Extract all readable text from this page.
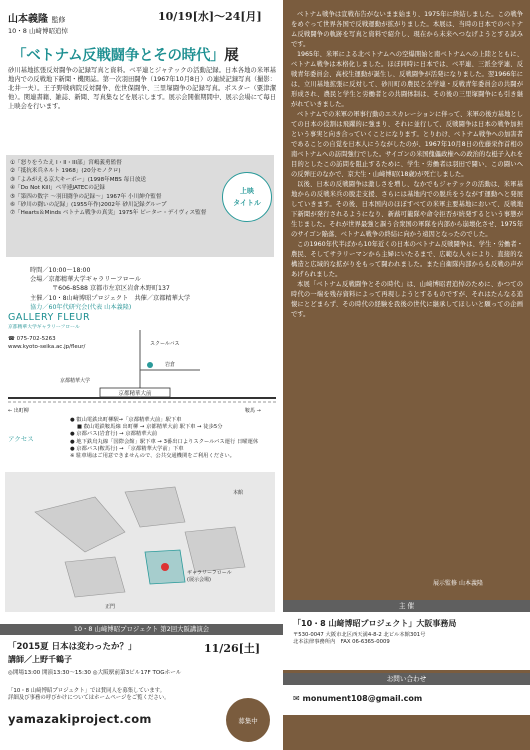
山本義隆 監修
10・8 山﨑博昭追悼
10/19[水]〜24[月]
「ベトナム反戦闘争とその時代」展
砂川基地拡張反対闘争の記録写真と資料。ベ平連とジャテックの活動記録。日本各地の米軍基地内での反戦地下新聞・機関誌。第一次羽田闘争（1967年10月8日）の連続記録写真（撮影：北井一夫）。王子野戦病院反対闘争、佐世保闘争、三里塚闘争の記録写真。ポスター（粟津潔 他）。関連書籍、雑誌、新聞、写真集などを展示します。展示会開催期間中、展示会場にて毎日上映会を行います。
①「怒りをうたえ I・II・III部」宮嶋義勇監督
②「抵抗米兵ネルト 1968」(20分モノクロ)
③「よみがえる京大キーボー」(1998年MBS 毎日放送
④「Do Not Kill」ベ平連JATECの記録
⑤「第四の数字 〜羽田闘争の記録〜」1967年 小川紳介監督
⑥「砂川の闘いの記録」(1955年作)2002年 砂川記録グループ
⑦「Hearts＆Minds ベトナム戦争の真実」1975年 ピーター・デイヴィス監督
上映
タイトル
時間／10:00〜18:00
会場／京都精華大学ギャラリーフロール
〒606-8588 京都市左京区岩倉木野町137
主催／10・8山﨑博昭プロジェクト　共催／京都精華大学
協力／60年代研究会(代表 山本義隆)
京都精華大前
スクールバス
岩倉
京都精華大学
← 出町柳	鞍馬 →
GALLERY FLEUR
京都精華大学ギャラリーフロール
☎ 075-702-5263
www.kyoto-seika.ac.jp/fleur/
アクセス
● 叡山電鉄出町柳駅→「京都精華大前」駅下車
　 ■ 叡山電鉄鞍馬線 出町柳 → 京都精華大前 駅下車 → 徒歩5分
● 京都バス(岩倉行) → 京都精華大前
● 地下鉄烏丸線「国際会館」駅下車 → 3番出口よりスクールバス運行 日曜運休
● 京都バス(鞍馬行) → 「京都精華大学前」下車
※ 駐車場はご用意できませんので、公共交通機関をご利用ください。
本館
ギャラリーフロール
(展示会場)
正門
10・8 山﨑博昭プロジェクト 第2回大阪講演会
「2015夏 日本は変わったか？」	11/26[土]
講師／上野千鶴子
◎開場13:00 開演13:30〜15:30 ◎大阪駅前第3ビル17F TOGホール
「10・8 山﨑博昭プロジェクト」では賛同人を募集しています。
詳細及び事務の呼びかけについてはホームページをご覧ください。
yamazakiproject.com	募集中

ベトナム戦争は宣戦布告がないまま始まり、1975年に終結しました。この戦争をめぐって世界各国で反戦運動が拡がりました。本展は、当時の日本でのベトナム反戦闘争の軌跡を写真と資料で紹介し、現在から未来へつなげようとする試みです。

1965年、米軍による北ベトナムへの空爆開始と南ベトナムへの上陸とともに、ベトナム戦争は本格化しました。ほぼ同時に日本では、ベ平連、三派全学連、反戦青年委員会、高校生運動が誕生し、反戦闘争が活発になりました。翌1966年には、立川基地拡張に反対して、砂川町の農民と全学連・反戦青年委員会の共闘が形成され、農民と学生と労働者との共闘体制は、その後の三里塚闘争にも引き継がれていきました。

ベトナムでの米軍の軍事行動のエスカレーションに伴って、米軍の後方基地としての日本の役割は飛躍的に強まり、それに並行して、反戦闘争は日本の戦争加担という事実と向き合っていくことになります。とりわけ、ベトナム戦争への加害者であることの自覚を日本人にうながしたのが、1967年10月8日の佐藤栄作首相の南ベトナムへの訪問強行でした。サイゴンの米国傀儡政権への政治的な梃子入れを目的としたこの訪問を阻止するために、学生・労働者は羽田で闘い、この闘いへの反弾圧のなかで、京大生・山﨑博昭(18歳)が死亡しました。

以後、日本の反戦闘争は激しさを増し、なかでもジャテックの活動は、米軍基地からの反戦米兵の脱走支援、さらには基地内での脱兵をうながす運動へと発展していきます。その後、日本国内のほぼすべての米軍主要基地において、反戦地下新聞が発行されるようになり、新蕗可籠隊や命令拒否が続発するという事態が生じました。それが世界最強と謳う合衆国の軍隊を内部から崩壊化させ、1975年のサイゴン陥落、ベトナム戦争の終結に向かう遠因となったのでした。

この1960年代半ばから10年近くの日本のベトナム反戦闘争は、学生・労働者・農民、そしてサラリーマンから主婦にいたるまで、広範な人々により、直接的な構造と広域的な拡がりをもって闘われました。また自衛隊内部からも反戦の声があげられました。

本展「ベトナム反戦闘争とその時代」は、山﨑博昭君追悼のために、かつての時代の一端を残存資料によって再現しようとするものですが、それはたんなる追懐にとどまらず、その時代の経験を我後の世代に継承してほしいと願っての企画です。

展示監修 山本義隆
主 催
「10・8 山﨑博昭プロジェクト」大阪事務局
〒530-0047 大阪市北区西天満4-8-2 北ビル本館301号
北本法律事務所内　FAX 06-6365-0009
お問い合わせ
✉ monument108@gmail.com
